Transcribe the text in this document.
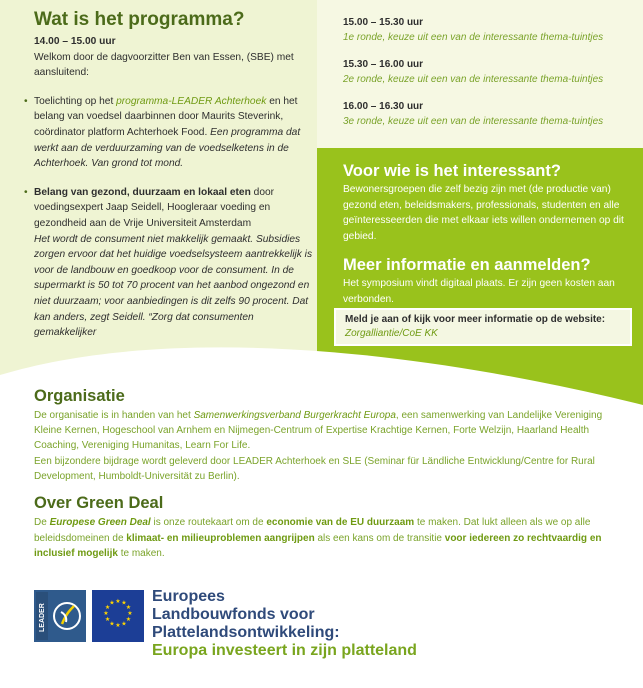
Wat is het programma?
14.00 – 15.00 uur
Welkom door de dagvoorzitter Ben van Essen, (SBE) met aansluitend:
• Toelichting op het programma-LEADER Achterhoek en het belang van voedsel daarbinnen door Maurits Steverink, coördinator platform Achterhoek Food. Een programma dat werkt aan de verduurzaming van de voedselketens in de Achterhoek. Van grond tot mond.
• Belang van gezond, duurzaam en lokaal eten door voedingsexpert Jaap Seidell, Hoogleraar voeding en gezondheid aan de Vrije Universiteit Amsterdam
Het wordt de consument niet makkelijk gemaakt. Subsidies zorgen ervoor dat het huidige voedselsysteem aantrekkelijk is voor de landbouw en goedkoop voor de consument. In de supermarkt is 50 tot 70 procent van het aanbod ongezond en niet duurzaam; voor aanbiedingen is dit zelfs 90 procent. Dat kan anders, zegt Seidell. “Zorg dat consumenten gemakkelijker
15.00 – 15.30 uur
1e ronde, keuze uit een van de interessante thema-tuintjes
15.30 – 16.00 uur
2e ronde, keuze uit een van de interessante thema-tuintjes
16.00 – 16.30 uur
3e ronde, keuze uit een van de interessante thema-tuintjes
Voor wie is het interessant?

Bewonersgroepen die zelf bezig zijn met (de productie van) gezond eten, beleidsmakers, professionals, studenten en alle geïnteresseerden die met elkaar iets willen ondernemen op dit gebied.

Meer informatie en aanmelden?

Het symposium vindt digitaal plaats. Er zijn geen kosten aan verbonden.

Meld je aan of kijk voor meer informatie op de website:
Zorgalliantie/CoE KK
Organisatie
De organisatie is in handen van het Samenwerkingsverband Burgerkracht Europa, een samenwerking van Landelijke Vereniging Kleine Kernen, Hogeschool van Arnhem en Nijmegen-Centrum of Expertise Krachtige Kernen, Forte Welzijn, Haarland Health Coaching, Vereniging Humanitas, Learn For Life.
Een bijzondere bijdrage wordt geleverd door LEADER Achterhoek en SLE (Seminar für Ländliche Entwicklung/Centre for Rural Development, Humboldt-Universität zu Berlin).
Over Green Deal
De Europese Green Deal is onze routekaart om de economie van de EU duurzaam te maken. Dat lukt alleen als we op alle beleidsdomeinen de klimaat- en milieuproblemen aangrijpen als een kans om de transitie voor iedereen zo rechtvaardig en inclusief mogelijk te maken.
LEADER
★ ★
★
★
★
★
★
★
★
★
★
★ Europees
Landbouwfonds voor
Plattelandsontwikkeling:
Europa investeert in zijn platteland
